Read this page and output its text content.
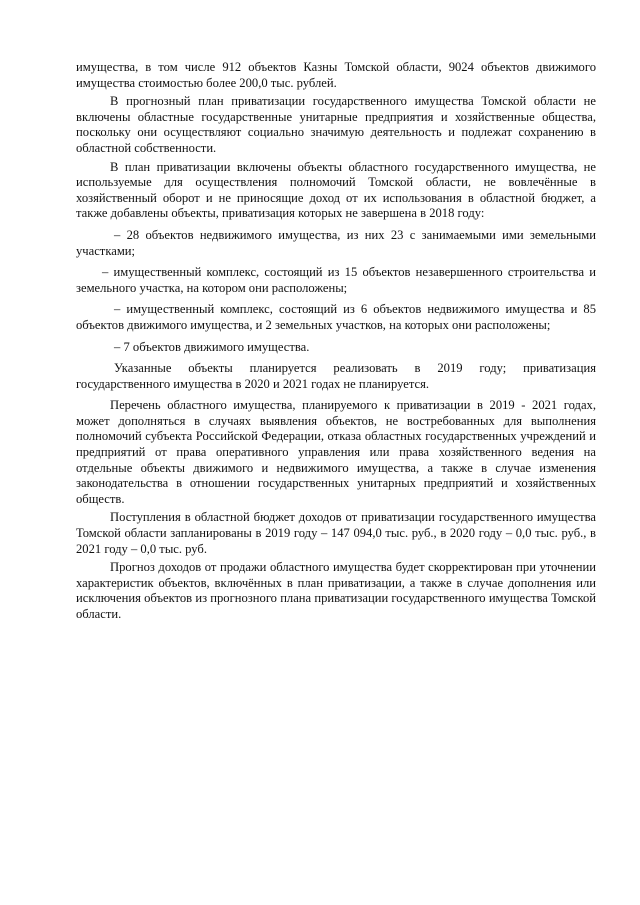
имущества, в том числе 912 объектов Казны Томской области, 9024 объектов движимого имущества стоимостью более 200,0 тыс. рублей.

В прогнозный план приватизации государственного имущества Томской области не включены областные государственные унитарные предприятия и хозяйственные общества, поскольку они осуществляют социально значимую деятельность и подлежат сохранению в областной собственности.

В план приватизации включены объекты областного государственного имущества, не используемые для осуществления полномочий Томской области, не вовлечённые в хозяйственный оборот и не приносящие доход от их использования в областной бюджет, а также добавлены объекты, приватизация которых не завершена в 2018 году:

– 28 объектов недвижимого имущества, из них 23 с занимаемыми ими земельными участками;

– имущественный комплекс, состоящий из 15 объектов незавершенного строительства и земельного участка, на котором они расположены;

– имущественный комплекс, состоящий из 6 объектов недвижимого имущества и 85 объектов движимого имущества, и 2 земельных участков, на которых они расположены;

– 7 объектов движимого имущества.

Указанные объекты планируется реализовать в 2019 году; приватизация государственного имущества в 2020 и 2021 годах не планируется.

Перечень областного имущества, планируемого к приватизации в 2019 - 2021 годах, может дополняться в случаях выявления объектов, не востребованных для выполнения полномочий субъекта Российской Федерации, отказа областных государственных учреждений и предприятий от права оперативного управления или права хозяйственного ведения на отдельные объекты движимого и недвижимого имущества, а также в случае изменения законодательства в отношении государственных унитарных предприятий и хозяйственных обществ.

Поступления в областной бюджет доходов от приватизации государственного имущества Томской области запланированы в 2019 году – 147 094,0 тыс. руб., в 2020 году – 0,0 тыс. руб., в 2021 году – 0,0 тыс. руб.

Прогноз доходов от продажи областного имущества будет скорректирован при уточнении характеристик объектов, включённых в план приватизации, а также в случае дополнения или исключения объектов из прогнозного плана приватизации государственного имущества Томской области.
